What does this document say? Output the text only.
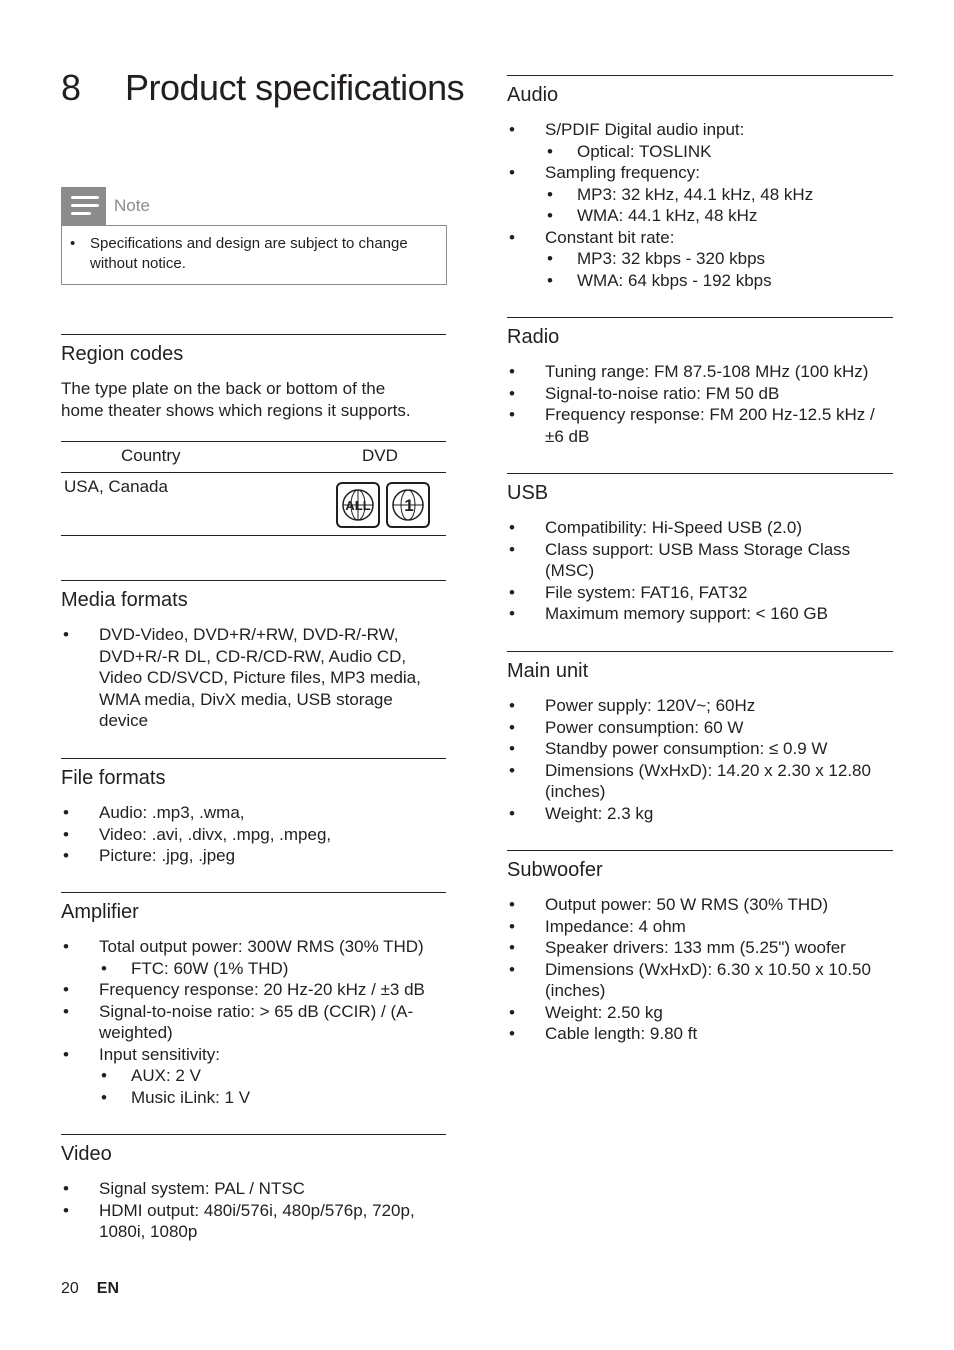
8 Product specifications
Note
• Specifications and design are subject to change without notice.
Region codes
The type plate on the back or bottom of the home theater shows which regions it supports.
Country	DVD
USA, Canada
ALL 1
Media formats
• DVD-Video, DVD+R/+RW, DVD-R/-RW, DVD+R/-R DL, CD-R/CD-RW, Audio CD, Video CD/SVCD, Picture files, MP3 media, WMA media, DivX media, USB storage device
File formats
• Audio: .mp3, .wma,
• Video: .avi, .divx, .mpg, .mpeg,
• Picture: .jpg, .jpeg
Amplifier
• Total output power: 300W RMS (30% THD)
• FTC: 60W (1% THD)
• Frequency response: 20 Hz-20 kHz / ±3 dB
• Signal-to-noise ratio: > 65 dB (CCIR) / (A-weighted)
• Input sensitivity:
• AUX: 2 V
• Music iLink: 1 V
Video
• Signal system: PAL / NTSC
• HDMI output: 480i/576i, 480p/576p, 720p, 1080i, 1080p
Audio
• S/PDIF Digital audio input:
• Optical: TOSLINK
• Sampling frequency:
• MP3: 32 kHz, 44.1 kHz, 48 kHz
• WMA: 44.1 kHz, 48 kHz
• Constant bit rate:
• MP3: 32 kbps - 320 kbps
• WMA: 64 kbps - 192 kbps
Radio
• Tuning range: FM 87.5-108 MHz (100 kHz)
• Signal-to-noise ratio: FM 50 dB
• Frequency response: FM 200 Hz-12.5 kHz / ±6 dB
USB
• Compatibility: Hi-Speed USB (2.0)
• Class support: USB Mass Storage Class (MSC)
• File system: FAT16, FAT32
• Maximum memory support: < 160 GB
Main unit
• Power supply: 120V~; 60Hz
• Power consumption: 60 W
• Standby power consumption: ≤ 0.9 W
• Dimensions (WxHxD): 14.20 x 2.30 x 12.80 (inches)
• Weight: 2.3 kg
Subwoofer
• Output power: 50 W RMS (30% THD)
• Impedance: 4 ohm
• Speaker drivers: 133 mm (5.25") woofer
• Dimensions (WxHxD): 6.30 x 10.50 x 10.50 (inches)
• Weight: 2.50 kg
• Cable length: 9.80 ft
20 EN
